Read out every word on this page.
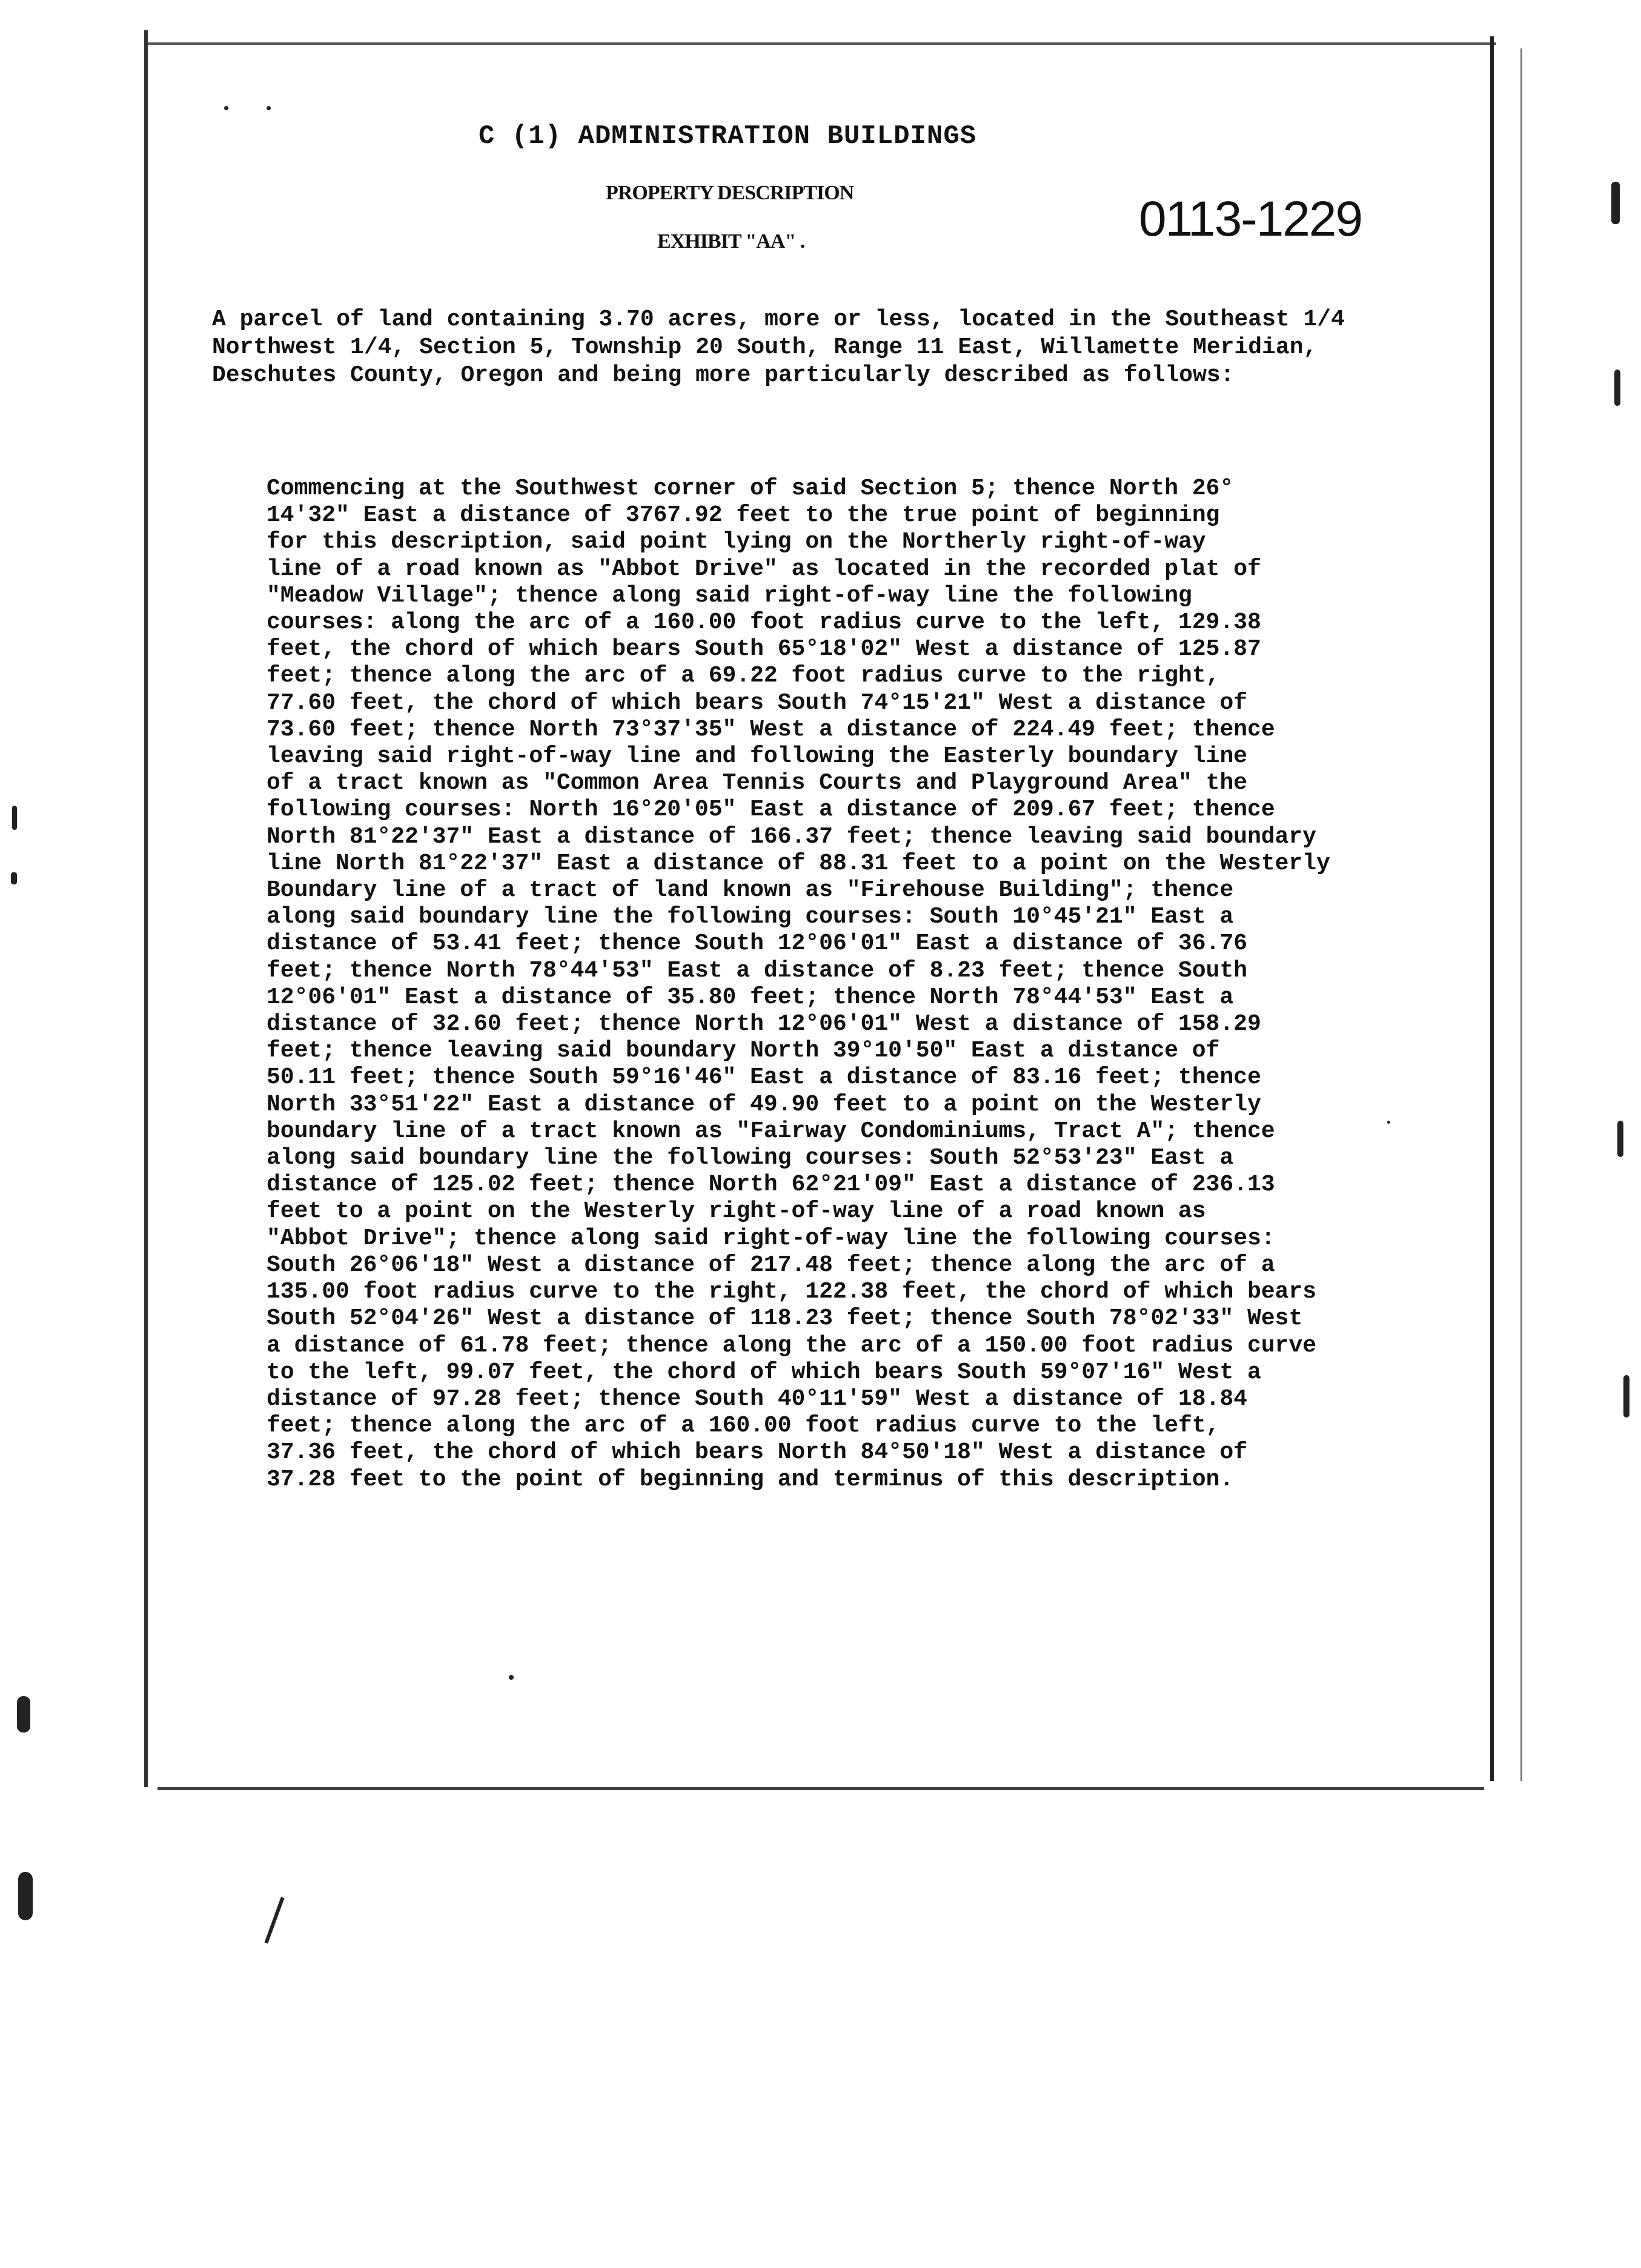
C (1) ADMINISTRATION BUILDINGS
PROPERTY DESCRIPTION
EXHIBIT "AA" .	0113-1229
A parcel of land containing 3.70 acres, more or less, located in the Southeast 1/4
Northwest 1/4, Section 5, Township 20 South, Range 11 East, Willamette Meridian,
Deschutes County, Oregon and being more particularly described as follows:
Commencing at the Southwest corner of said Section 5; thence North 26°
14'32" East a distance of 3767.92 feet to the true point of beginning
for this description, said point lying on the Northerly right-of-way
line of a road known as "Abbot Drive" as located in the recorded plat of
"Meadow Village"; thence along said right-of-way line the following
courses: along the arc of a 160.00 foot radius curve to the left, 129.38
feet, the chord of which bears South 65°18'02" West a distance of 125.87
feet; thence along the arc of a 69.22 foot radius curve to the right,
77.60 feet, the chord of which bears South 74°15'21" West a distance of
73.60 feet; thence North 73°37'35" West a distance of 224.49 feet; thence
leaving said right-of-way line and following the Easterly boundary line
of a tract known as "Common Area Tennis Courts and Playground Area" the
following courses: North 16°20'05" East a distance of 209.67 feet; thence
North 81°22'37" East a distance of 166.37 feet; thence leaving said boundary
line North 81°22'37" East a distance of 88.31 feet to a point on the Westerly
Boundary line of a tract of land known as "Firehouse Building"; thence
along said boundary line the following courses: South 10°45'21" East a
distance of 53.41 feet; thence South 12°06'01" East a distance of 36.76
feet; thence North 78°44'53" East a distance of 8.23 feet; thence South
12°06'01" East a distance of 35.80 feet; thence North 78°44'53" East a
distance of 32.60 feet; thence North 12°06'01" West a distance of 158.29
feet; thence leaving said boundary North 39°10'50" East a distance of
50.11 feet; thence South 59°16'46" East a distance of 83.16 feet; thence
North 33°51'22" East a distance of 49.90 feet to a point on the Westerly
boundary line of a tract known as "Fairway Condominiums, Tract A"; thence
along said boundary line the following courses: South 52°53'23" East a
distance of 125.02 feet; thence North 62°21'09" East a distance of 236.13
feet to a point on the Westerly right-of-way line of a road known as
"Abbot Drive"; thence along said right-of-way line the following courses:
South 26°06'18" West a distance of 217.48 feet; thence along the arc of a
135.00 foot radius curve to the right, 122.38 feet, the chord of which bears
South 52°04'26" West a distance of 118.23 feet; thence South 78°02'33" West
a distance of 61.78 feet; thence along the arc of a 150.00 foot radius curve
to the left, 99.07 feet, the chord of which bears South 59°07'16" West a
distance of 97.28 feet; thence South 40°11'59" West a distance of 18.84
feet; thence along the arc of a 160.00 foot radius curve to the left,
37.36 feet, the chord of which bears North 84°50'18" West a distance of
37.28 feet to the point of beginning and terminus of this description.
